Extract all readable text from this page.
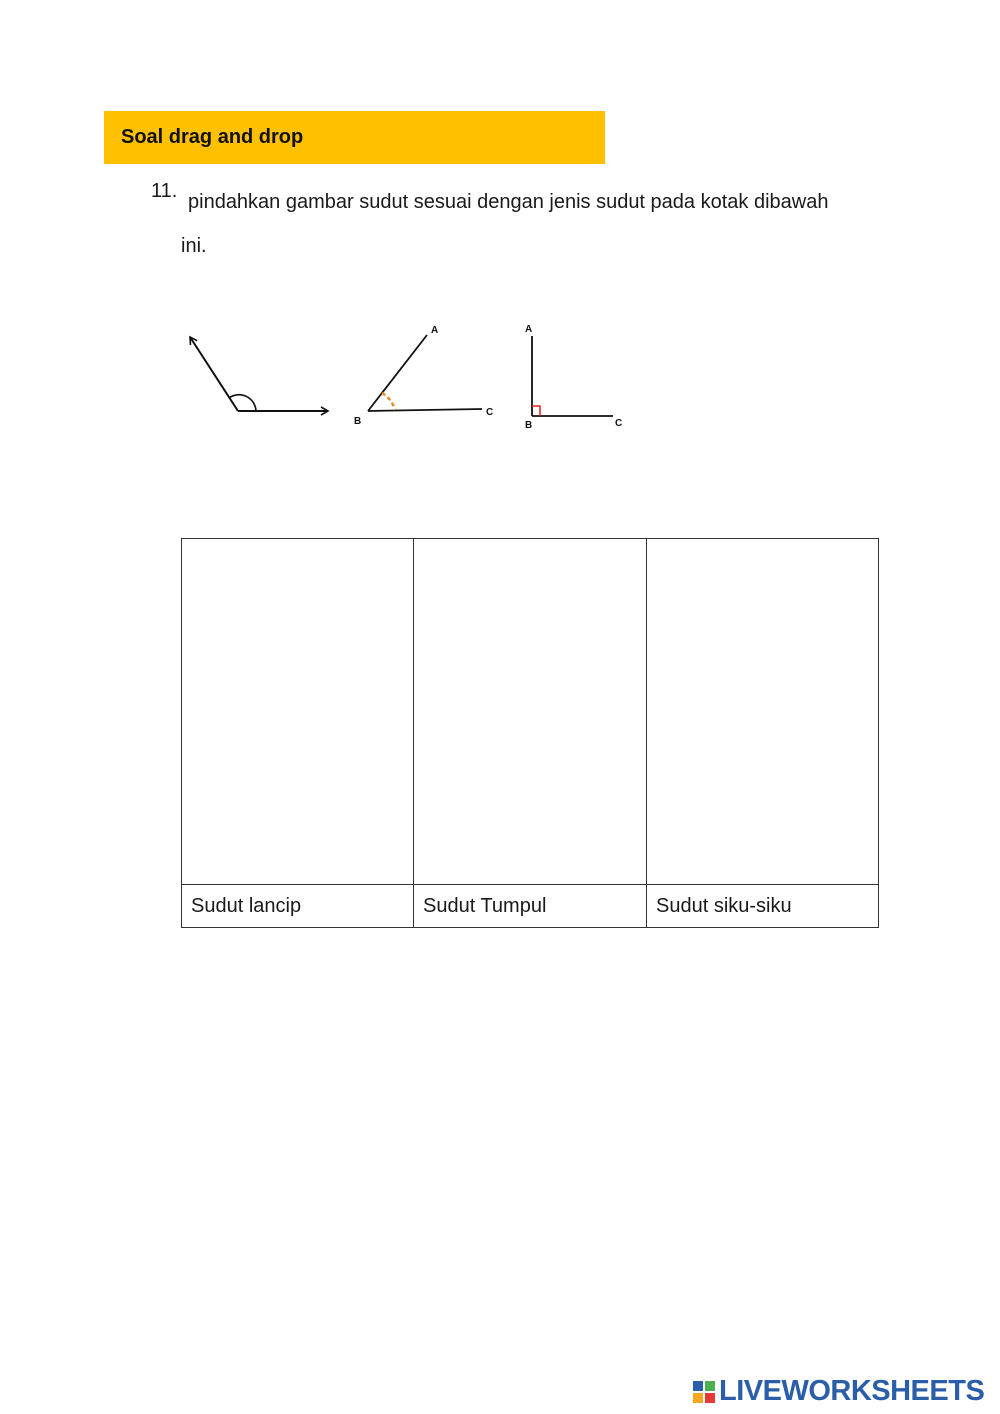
Soal drag and drop
11. pindahkan gambar sudut sesuai dengan jenis sudut pada kotak dibawah
ini.
A
B
C
A
B	C

Sudut lancip	Sudut Tumpul	Sudut siku-siku
LIVEWORKSHEETS
